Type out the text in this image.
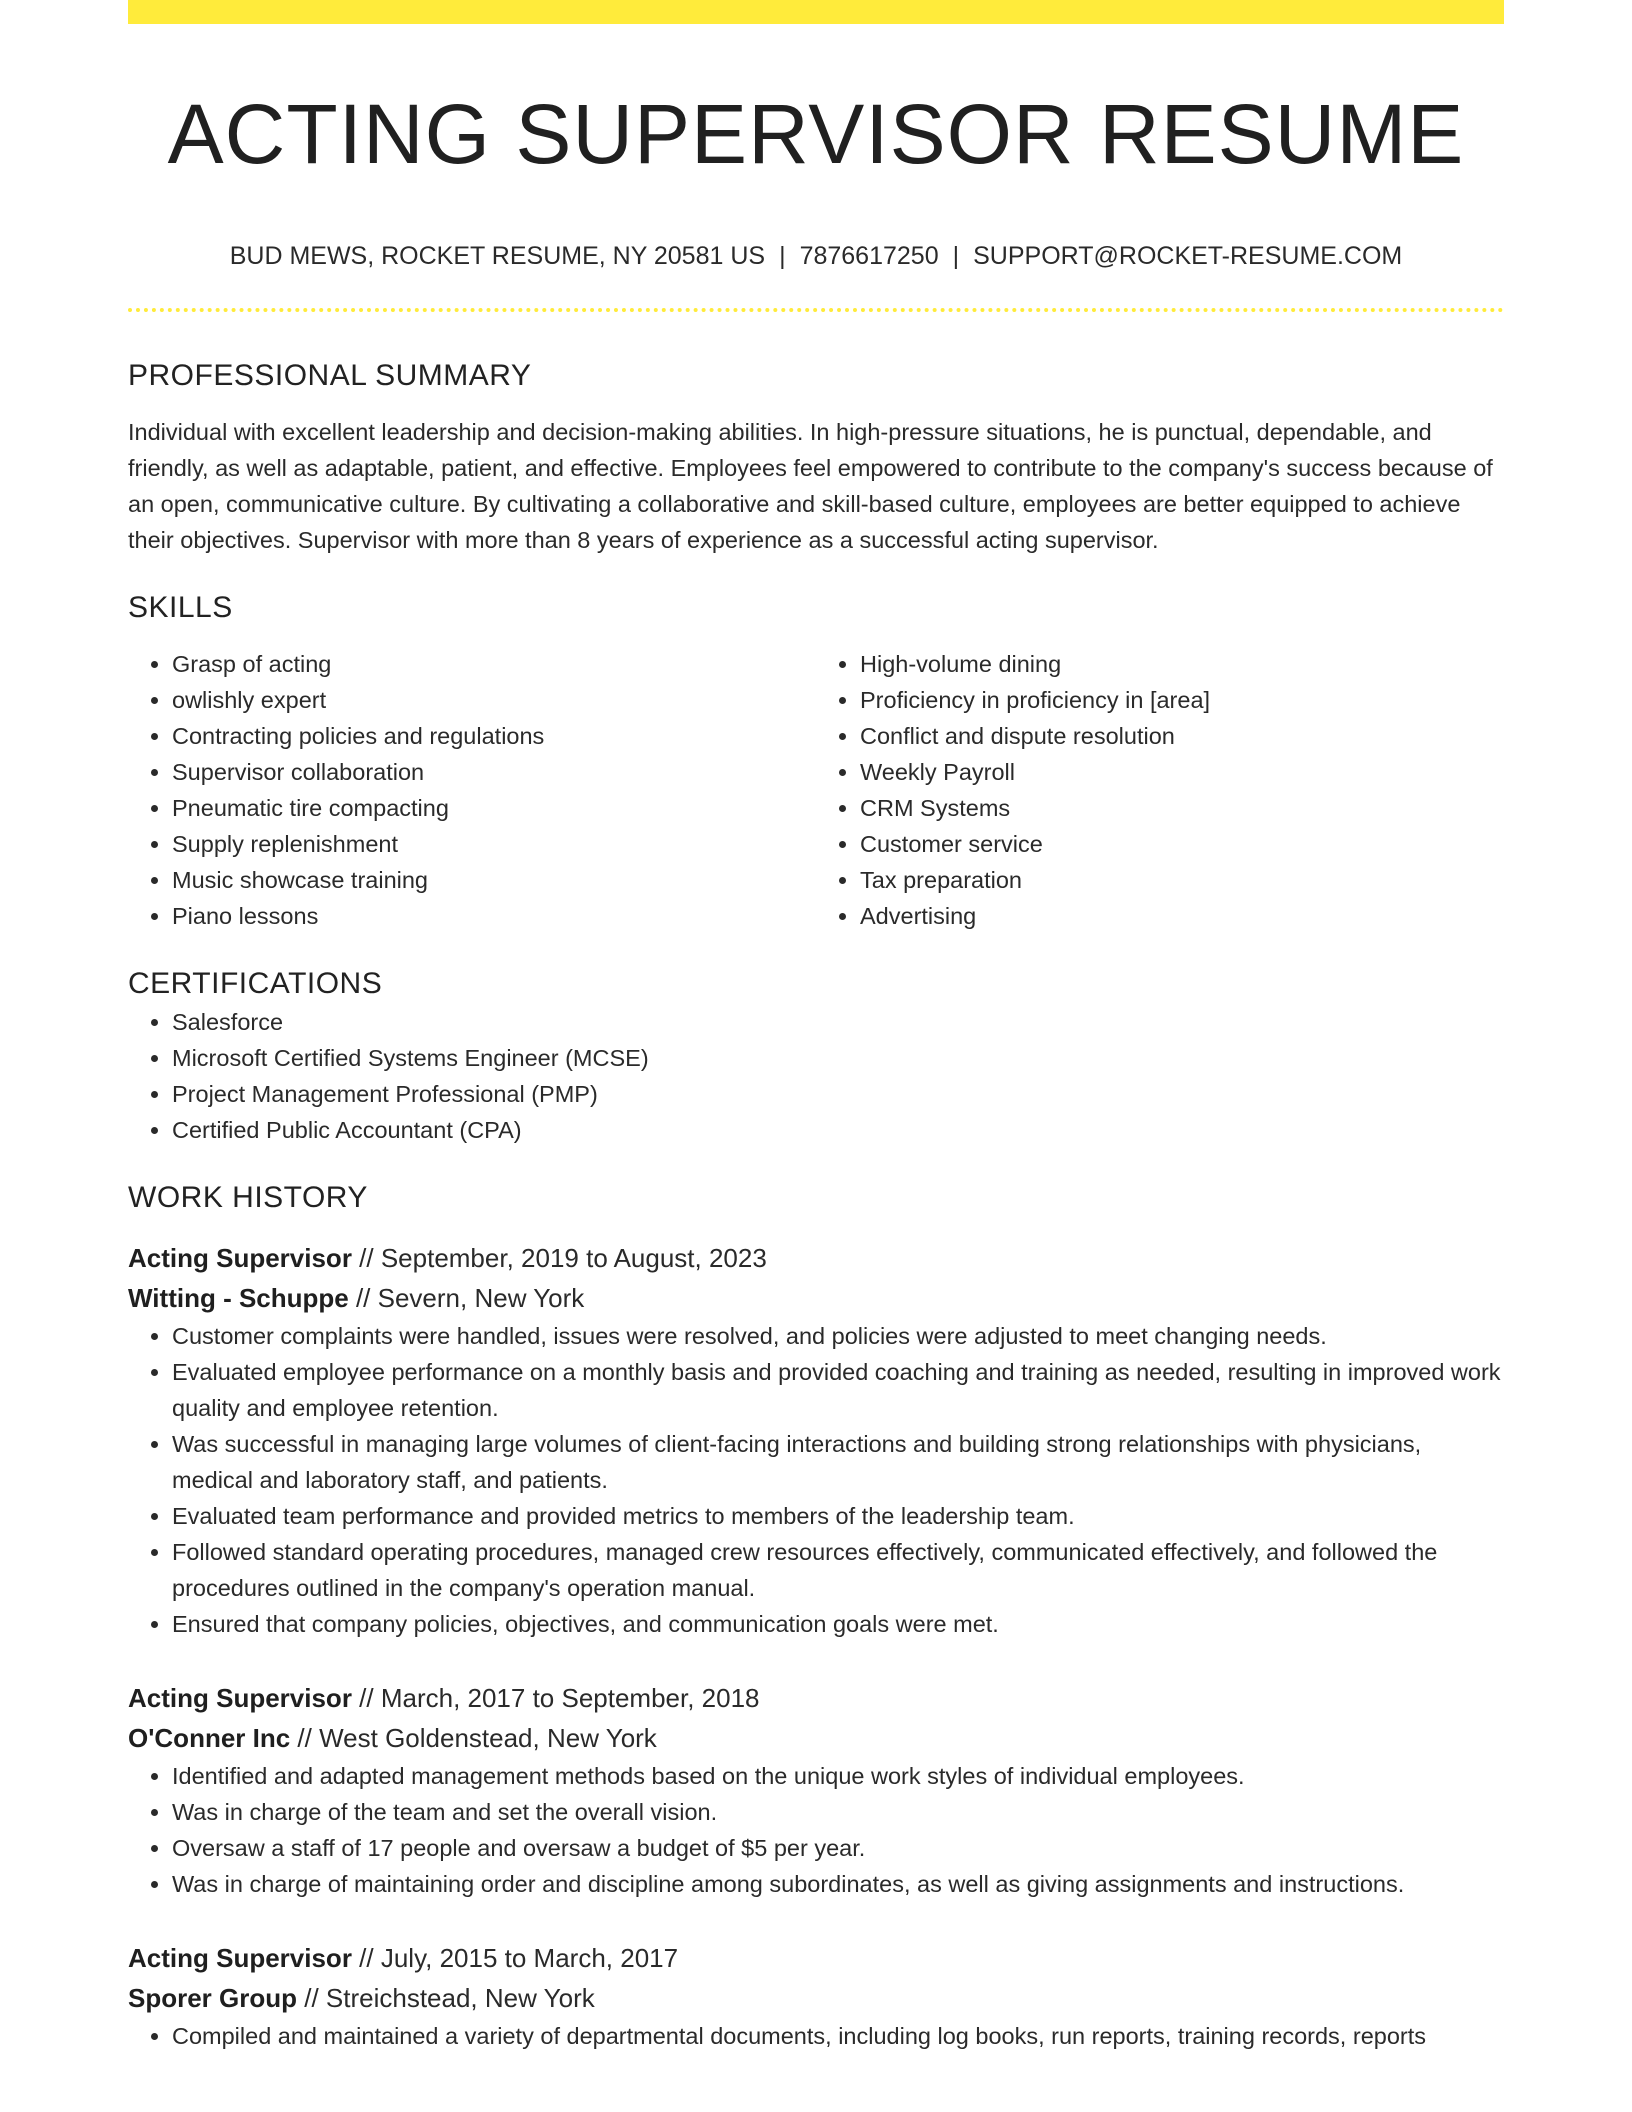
ACTING SUPERVISOR RESUME
BUD MEWS, ROCKET RESUME, NY 20581 US | 7876617250 | SUPPORT@ROCKET-RESUME.COM
PROFESSIONAL SUMMARY

Individual with excellent leadership and decision-making abilities. In high-pressure situations, he is punctual, dependable, and friendly, as well as adaptable, patient, and effective. Employees feel empowered to contribute to the company's success because of an open, communicative culture. By cultivating a collaborative and skill-based culture, employees are better equipped to achieve their objectives. Supervisor with more than 8 years of experience as a successful acting supervisor.

SKILLS
• Grasp of acting
• owlishly expert
• Contracting policies and regulations
• Supervisor collaboration
• Pneumatic tire compacting
• Supply replenishment
• Music showcase training
• Piano lessons
• High-volume dining
• Proficiency in proficiency in [area]
• Conflict and dispute resolution
• Weekly Payroll
• CRM Systems
• Customer service
• Tax preparation
• Advertising
CERTIFICATIONS
• Salesforce
• Microsoft Certified Systems Engineer (MCSE)
• Project Management Professional (PMP)
• Certified Public Accountant (CPA)
WORK HISTORY
Acting Supervisor // September, 2019 to August, 2023
Witting - Schuppe // Severn, New York
• Customer complaints were handled, issues were resolved, and policies were adjusted to meet changing needs.
• Evaluated employee performance on a monthly basis and provided coaching and training as needed, resulting in improved work quality and employee retention.
• Was successful in managing large volumes of client-facing interactions and building strong relationships with physicians, medical and laboratory staff, and patients.
• Evaluated team performance and provided metrics to members of the leadership team.
• Followed standard operating procedures, managed crew resources effectively, communicated effectively, and followed the procedures outlined in the company's operation manual.
• Ensured that company policies, objectives, and communication goals were met.
Acting Supervisor // March, 2017 to September, 2018
O'Conner Inc // West Goldenstead, New York
• Identified and adapted management methods based on the unique work styles of individual employees.
• Was in charge of the team and set the overall vision.
• Oversaw a staff of 17 people and oversaw a budget of $5 per year.
• Was in charge of maintaining order and discipline among subordinates, as well as giving assignments and instructions.
Acting Supervisor // July, 2015 to March, 2017
Sporer Group // Streichstead, New York
• Compiled and maintained a variety of departmental documents, including log books, run reports, training records, reports
